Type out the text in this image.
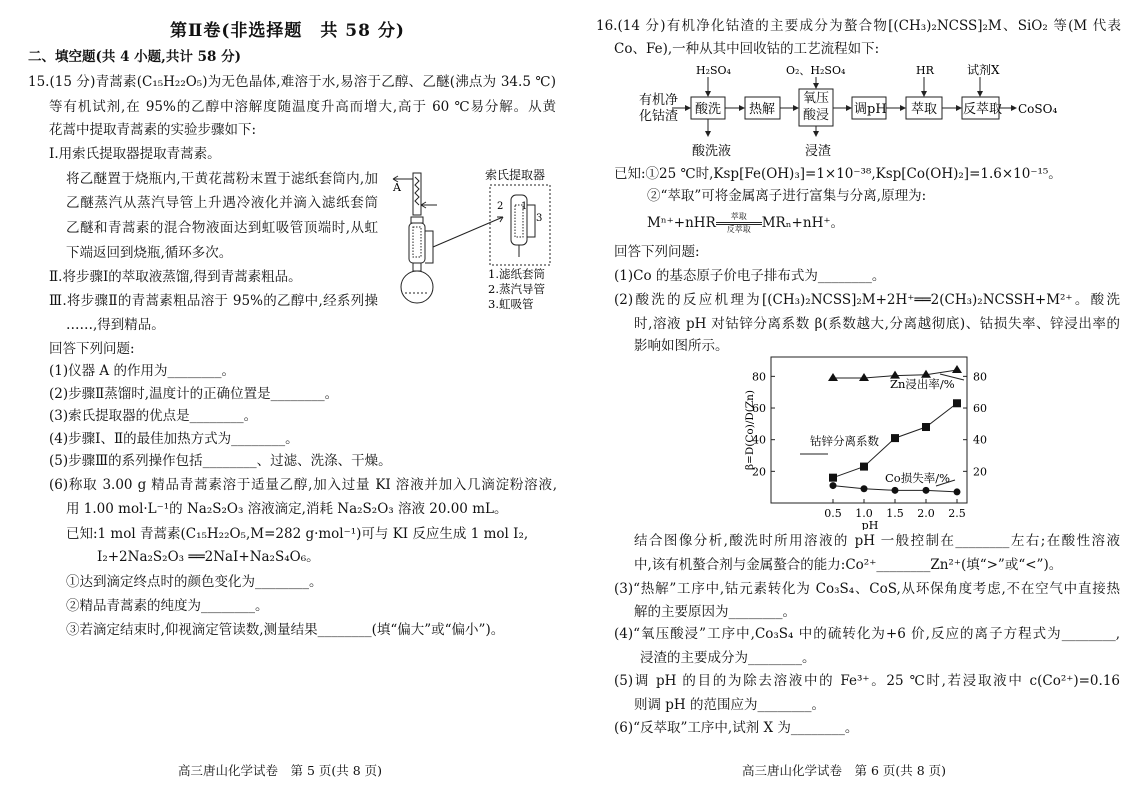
第Ⅱ卷(非选择题　共 58 分)
二、填空题(共 4 小题,共计 58 分)
15.(15 分)青蒿素(C₁₅H₂₂O₅)为无色晶体,难溶于水,易溶于乙醇、乙醚(沸点为 34.5 ℃)
等有机试剂,在 95%的乙醇中溶解度随温度升高而增大,高于 60 ℃易分解。从黄
花蒿中提取青蒿素的实验步骤如下:
Ⅰ.用索氏提取器提取青蒿素。
将乙醚置于烧瓶内,干黄花蒿粉末置于滤纸套筒内,加
乙醚蒸汽从蒸汽导管上升遇冷液化并滴入滤纸套筒
乙醚和青蒿素的混合物液面达到虹吸管顶端时,从虹
下端返回到烧瓶,循环多次。
Ⅱ.将步骤Ⅰ的萃取液蒸馏,得到青蒿素粗品。
Ⅲ.将步骤Ⅱ的青蒿素粗品溶于 95%的乙醇中,经系列操
……,得到精品。
索氏提取器
A
1
2
3
1.滤纸套筒
2.蒸汽导管
3.虹吸管
回答下列问题:
(1)仪器 A 的作用为________。
(2)步骤Ⅱ蒸馏时,温度计的正确位置是________。
(3)索氏提取器的优点是________。
(4)步骤Ⅰ、Ⅱ的最佳加热方式为________。
(5)步骤Ⅲ的系列操作包括________、过滤、洗涤、干燥。
(6)称取 3.00 g 精品青蒿素溶于适量乙醇,加入过量 KI 溶液并加入几滴淀粉溶液,
用 1.00 mol·L⁻¹的 Na₂S₂O₃ 溶液滴定,消耗 Na₂S₂O₃ 溶液 20.00 mL。
已知:1 mol 青蒿素(C₁₅H₂₂O₅,M=282 g·mol⁻¹)可与 KI 反应生成 1 mol I₂,
I₂+2Na₂S₂O₃ ══2NaI+Na₂S₄O₆。
①达到滴定终点时的颜色变化为________。
②精品青蒿素的纯度为________。
③若滴定结束时,仰视滴定管读数,测量结果________(填“偏大”或“偏小”)。
高三唐山化学试卷　第 5 页(共 8 页)
16.(14 分)有机净化钴渣的主要成分为螯合物[(CH₃)₂NCSS]₂M、SiO₂ 等(M 代表
Co、Fe),一种从其中回收钴的工艺流程如下:
有机净
化钴渣 酸洗 热解
氧压酸浸	调pH 萃取 反萃取 CoSO₄
H₂SO₄	O₂、H₂SO₄	HR	试剂X
酸洗液	浸渣
已知:①25 ℃时,Ksp[Fe(OH)₃]=1×10⁻³⁸,Ksp[Co(OH)₂]=1.6×10⁻¹⁵。
②“萃取”可将金属离子进行富集与分离,原理为:
Mⁿ⁺+nHR 萃取

反萃取 MRₙ+nH⁺。
回答下列问题:
(1)Co 的基态原子价电子排布式为________。
(2)酸洗的反应机理为[(CH₃)₂NCSS]₂M+2H⁺══2(CH₃)₂NCSSH+M²⁺。酸洗
时,溶液 pH 对钴锌分离系数 β(系数越大,分离越彻底)、钴损失率、锌浸出率的
影响如图所示。
0.5 1.0 1.5 2.0 2.5
20
40
60
80
20
40
60
80
pH
β=D(Co)/D(Zn)
Zn浸出率/%
钴锌分离系数
Co损失率/%
结合图像分析,酸洗时所用溶液的 pH 一般控制在________左右;在酸性溶液
中,该有机螯合剂与金属螯合的能力:Co²⁺________Zn²⁺(填“>”或“<”)。
(3)“热解”工序中,钴元素转化为 Co₃S₄、CoS,从环保角度考虑,不在空气中直接热
解的主要原因为________。
(4)“氧压酸浸”工序中,Co₃S₄ 中的硫转化为+6 价,反应的离子方程式为________,
浸渣的主要成分为________。
(5)调 pH 的目的为除去溶液中的 Fe³⁺。25 ℃时,若浸取液中 c(Co²⁺)=0.16
则调 pH 的范围应为________。
(6)“反萃取”工序中,试剂 X 为________。
高三唐山化学试卷　第 6 页(共 8 页)
